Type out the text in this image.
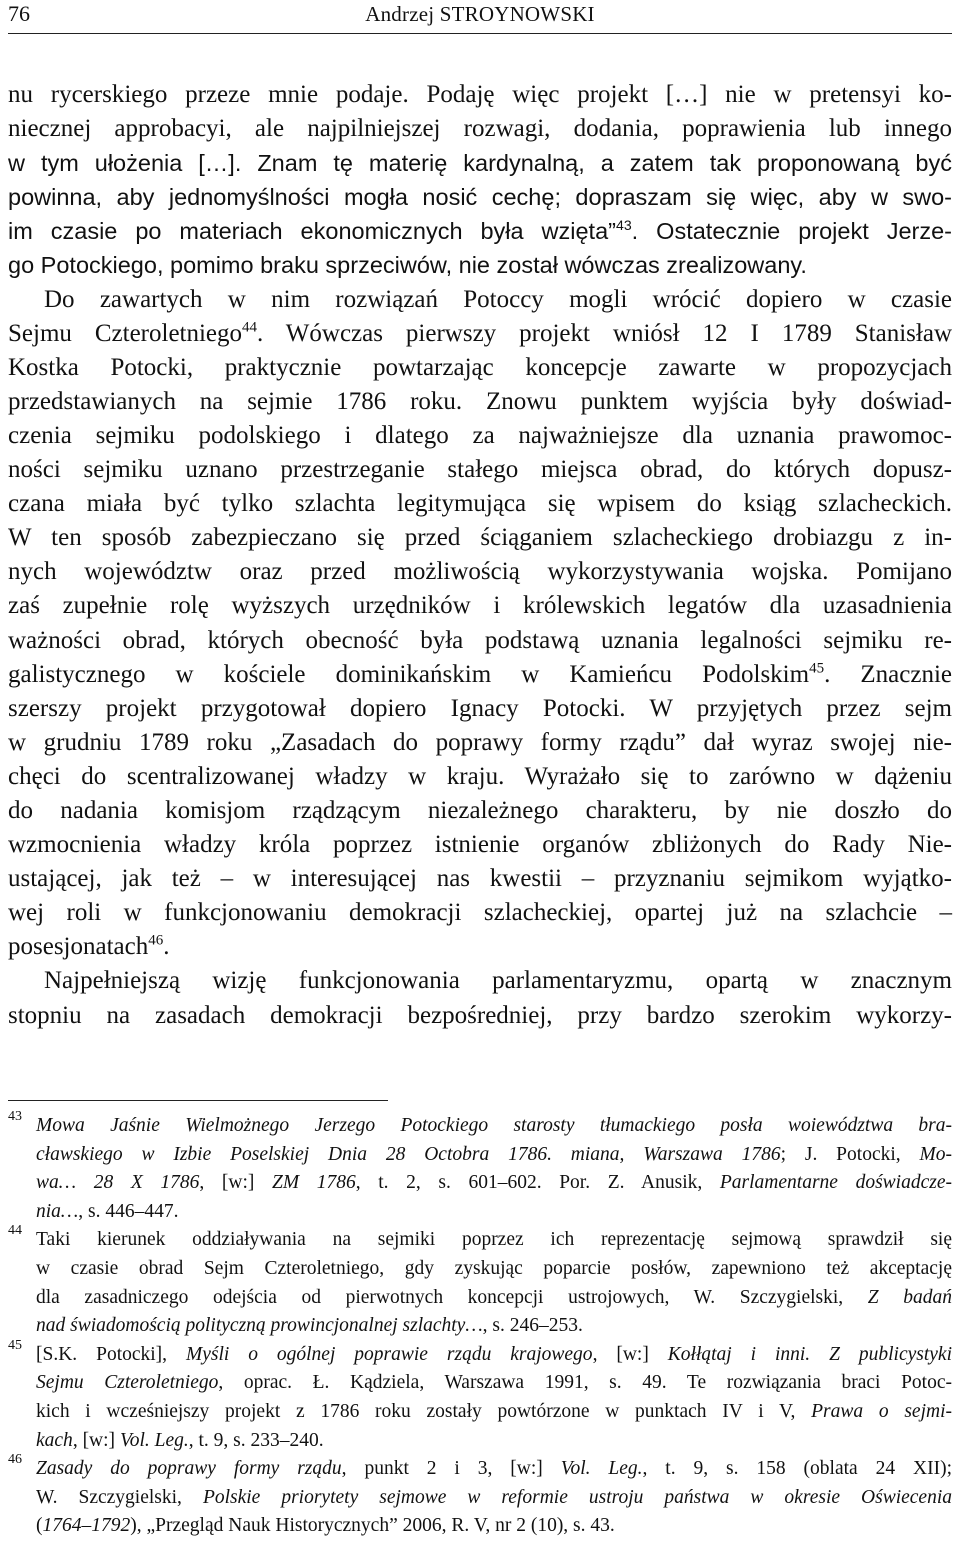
76	Andrzej STROYNOWSKI
nu rycerskiego przeze mnie podaje. Podaję więc projekt […] nie w pretensyi ko-
niecznej approbacyi, ale najpilniejszej rozwagi, dodania, poprawienia lub innego
w tym ułożenia […]. Znam tę materię kardynalną, a zatem tak proponowaną być
powinna, aby jednomyślności mogła nosić cechę; dopraszam się więc, aby w swo-
im czasie po materiach ekonomicznych była wzięta”$^{43}$. Ostatecznie projekt Jerze-
go Potockiego, pomimo braku sprzeciwów, nie został wówczas zrealizowany.
Do zawartych w nim rozwiązań Potoccy mogli wrócić dopiero w czasie
Sejmu Czteroletniego$^{44}$. Wówczas pierwszy projekt wniósł 12 I 1789 Stanisław
Kostka Potocki, praktycznie powtarzając koncepcje zawarte w propozycjach
przedstawianych na sejmie 1786 roku. Znowu punktem wyjścia były doświad-
czenia sejmiku podolskiego i dlatego za najważniejsze dla uznania prawomoc-
ności sejmiku uznano przestrzeganie stałego miejsca obrad, do których dopusz-
czana miała być tylko szlachta legitymująca się wpisem do ksiąg szlacheckich.
W ten sposób zabezpieczano się przed ściąganiem szlacheckiego drobiazgu z in-
nych województw oraz przed możliwością wykorzystywania wojska. Pomijano
zaś zupełnie rolę wyższych urzędników i królewskich legatów dla uzasadnienia
ważności obrad, których obecność była podstawą uznania legalności sejmiku re-
galistycznego w kościele dominikańskim w Kamieńcu Podolskim$^{45}$. Znacznie
szerszy projekt przygotował dopiero Ignacy Potocki. W przyjętych przez sejm
w grudniu 1789 roku „Zasadach do poprawy formy rządu” dał wyraz swojej nie-
chęci do scentralizowanej władzy w kraju. Wyrażało się to zarówno w dążeniu
do nadania komisjom rządzącym niezależnego charakteru, by nie doszło do
wzmocnienia władzy króla poprzez istnienie organów zbliżonych do Rady Nie-
ustającej, jak też – w interesującej nas kwestii – przyznaniu sejmikom wyjątko-
wej roli w funkcjonowaniu demokracji szlacheckiej, opartej już na szlachcie –
posesjonatach$^{46}$.
Najpełniejszą wizję funkcjonowania parlamentaryzmu, opartą w znacznym
stopniu na zasadach demokracji bezpośredniej, przy bardzo szerokim wykorzy-
43 Mowa Jaśnie Wielmożnego Jerzego Potockiego starosty tłumackiego posła woiewództwa bra-
cławskiego w Izbie Poselskiej Dnia 28 Octobra 1786. miana, Warszawa 1786; J. Potocki, Mo-
wa… 28 X 1786, [w:] ZM 1786, t. 2, s. 601–602. Por. Z. Anusik, Parlamentarne doświadcze-
nia…, s. 446–447.
44 Taki kierunek oddziaływania na sejmiki poprzez ich reprezentację sejmową sprawdził się
w czasie obrad Sejm Czteroletniego, gdy zyskując poparcie posłów, zapewniono też akceptację
dla zasadniczego odejścia od pierwotnych koncepcji ustrojowych, W. Szczygielski, Z badań
nad świadomością polityczną prowincjonalnej szlachty…, s. 246–253.
45 [S.K. Potocki], Myśli o ogólnej poprawie rządu krajowego, [w:] Kołłątaj i inni. Z publicystyki
Sejmu Czteroletniego, oprac. Ł. Kądziela, Warszawa 1991, s. 49. Te rozwiązania braci Potoc-
kich i wcześniejszy projekt z 1786 roku zostały powtórzone w punktach IV i V, Prawa o sejmi-
kach, [w:] Vol. Leg., t. 9, s. 233–240.
46 Zasady do poprawy formy rządu, punkt 2 i 3, [w:] Vol. Leg., t. 9, s. 158 (oblata 24 XII);
W. Szczygielski, Polskie priorytety sejmowe w reformie ustroju państwa w okresie Oświecenia
(1764–1792), „Przegląd Nauk Historycznych” 2006, R. V, nr 2 (10), s. 43.
